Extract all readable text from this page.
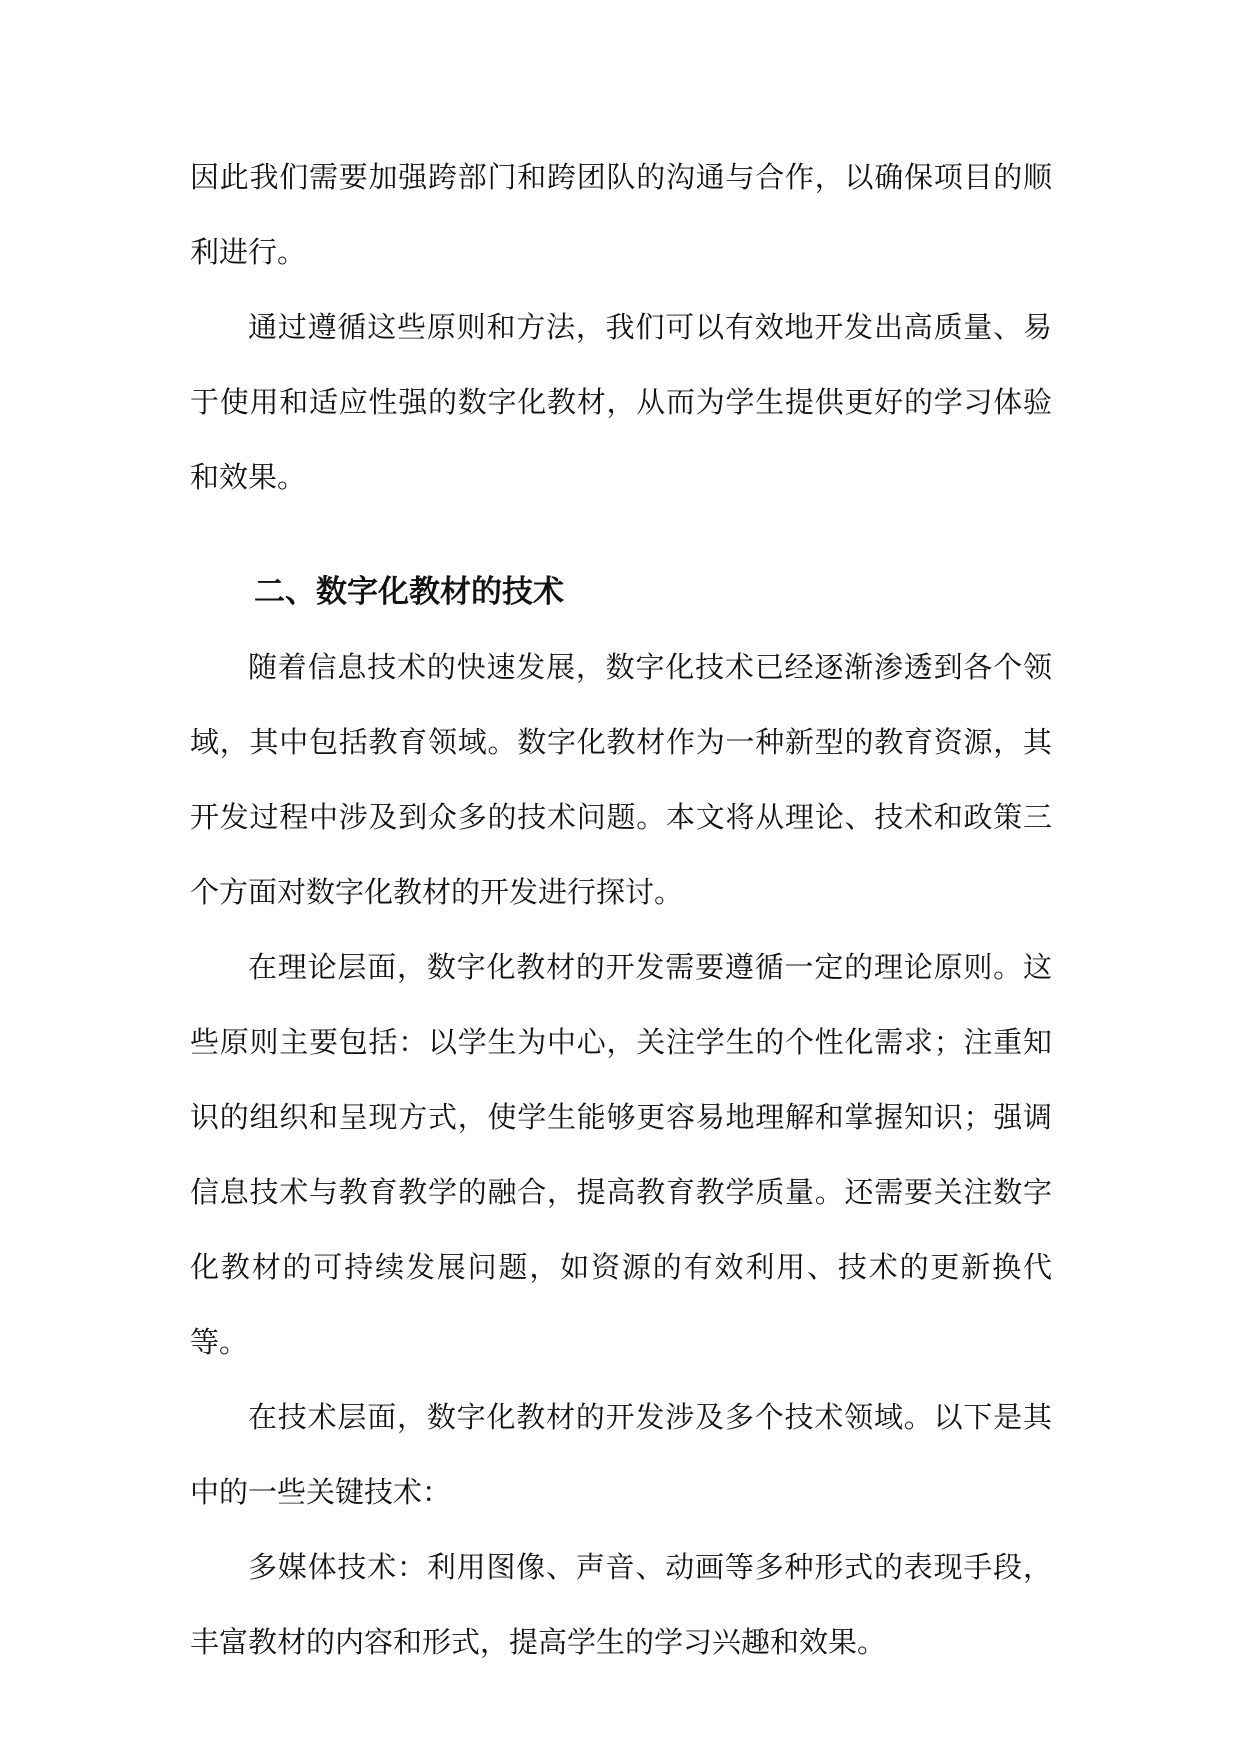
因此我们需要加强跨部门和跨团队的沟通与合作，以确保项目的顺利进行。

通过遵循这些原则和方法，我们可以有效地开发出高质量、易于使用和适应性强的数字化教材，从而为学生提供更好的学习体验和效果。

二、数字化教材的技术

随着信息技术的快速发展，数字化技术已经逐渐渗透到各个领域，其中包括教育领域。数字化教材作为一种新型的教育资源，其开发过程中涉及到众多的技术问题。本文将从理论、技术和政策三个方面对数字化教材的开发进行探讨。

在理论层面，数字化教材的开发需要遵循一定的理论原则。这些原则主要包括：以学生为中心，关注学生的个性化需求；注重知识的组织和呈现方式，使学生能够更容易地理解和掌握知识；强调信息技术与教育教学的融合，提高教育教学质量。还需要关注数字化教材的可持续发展问题，如资源的有效利用、技术的更新换代等。

在技术层面，数字化教材的开发涉及多个技术领域。以下是其中的一些关键技术：

多媒体技术：利用图像、声音、动画等多种形式的表现手段，丰富教材的内容和形式，提高学生的学习兴趣和效果。
